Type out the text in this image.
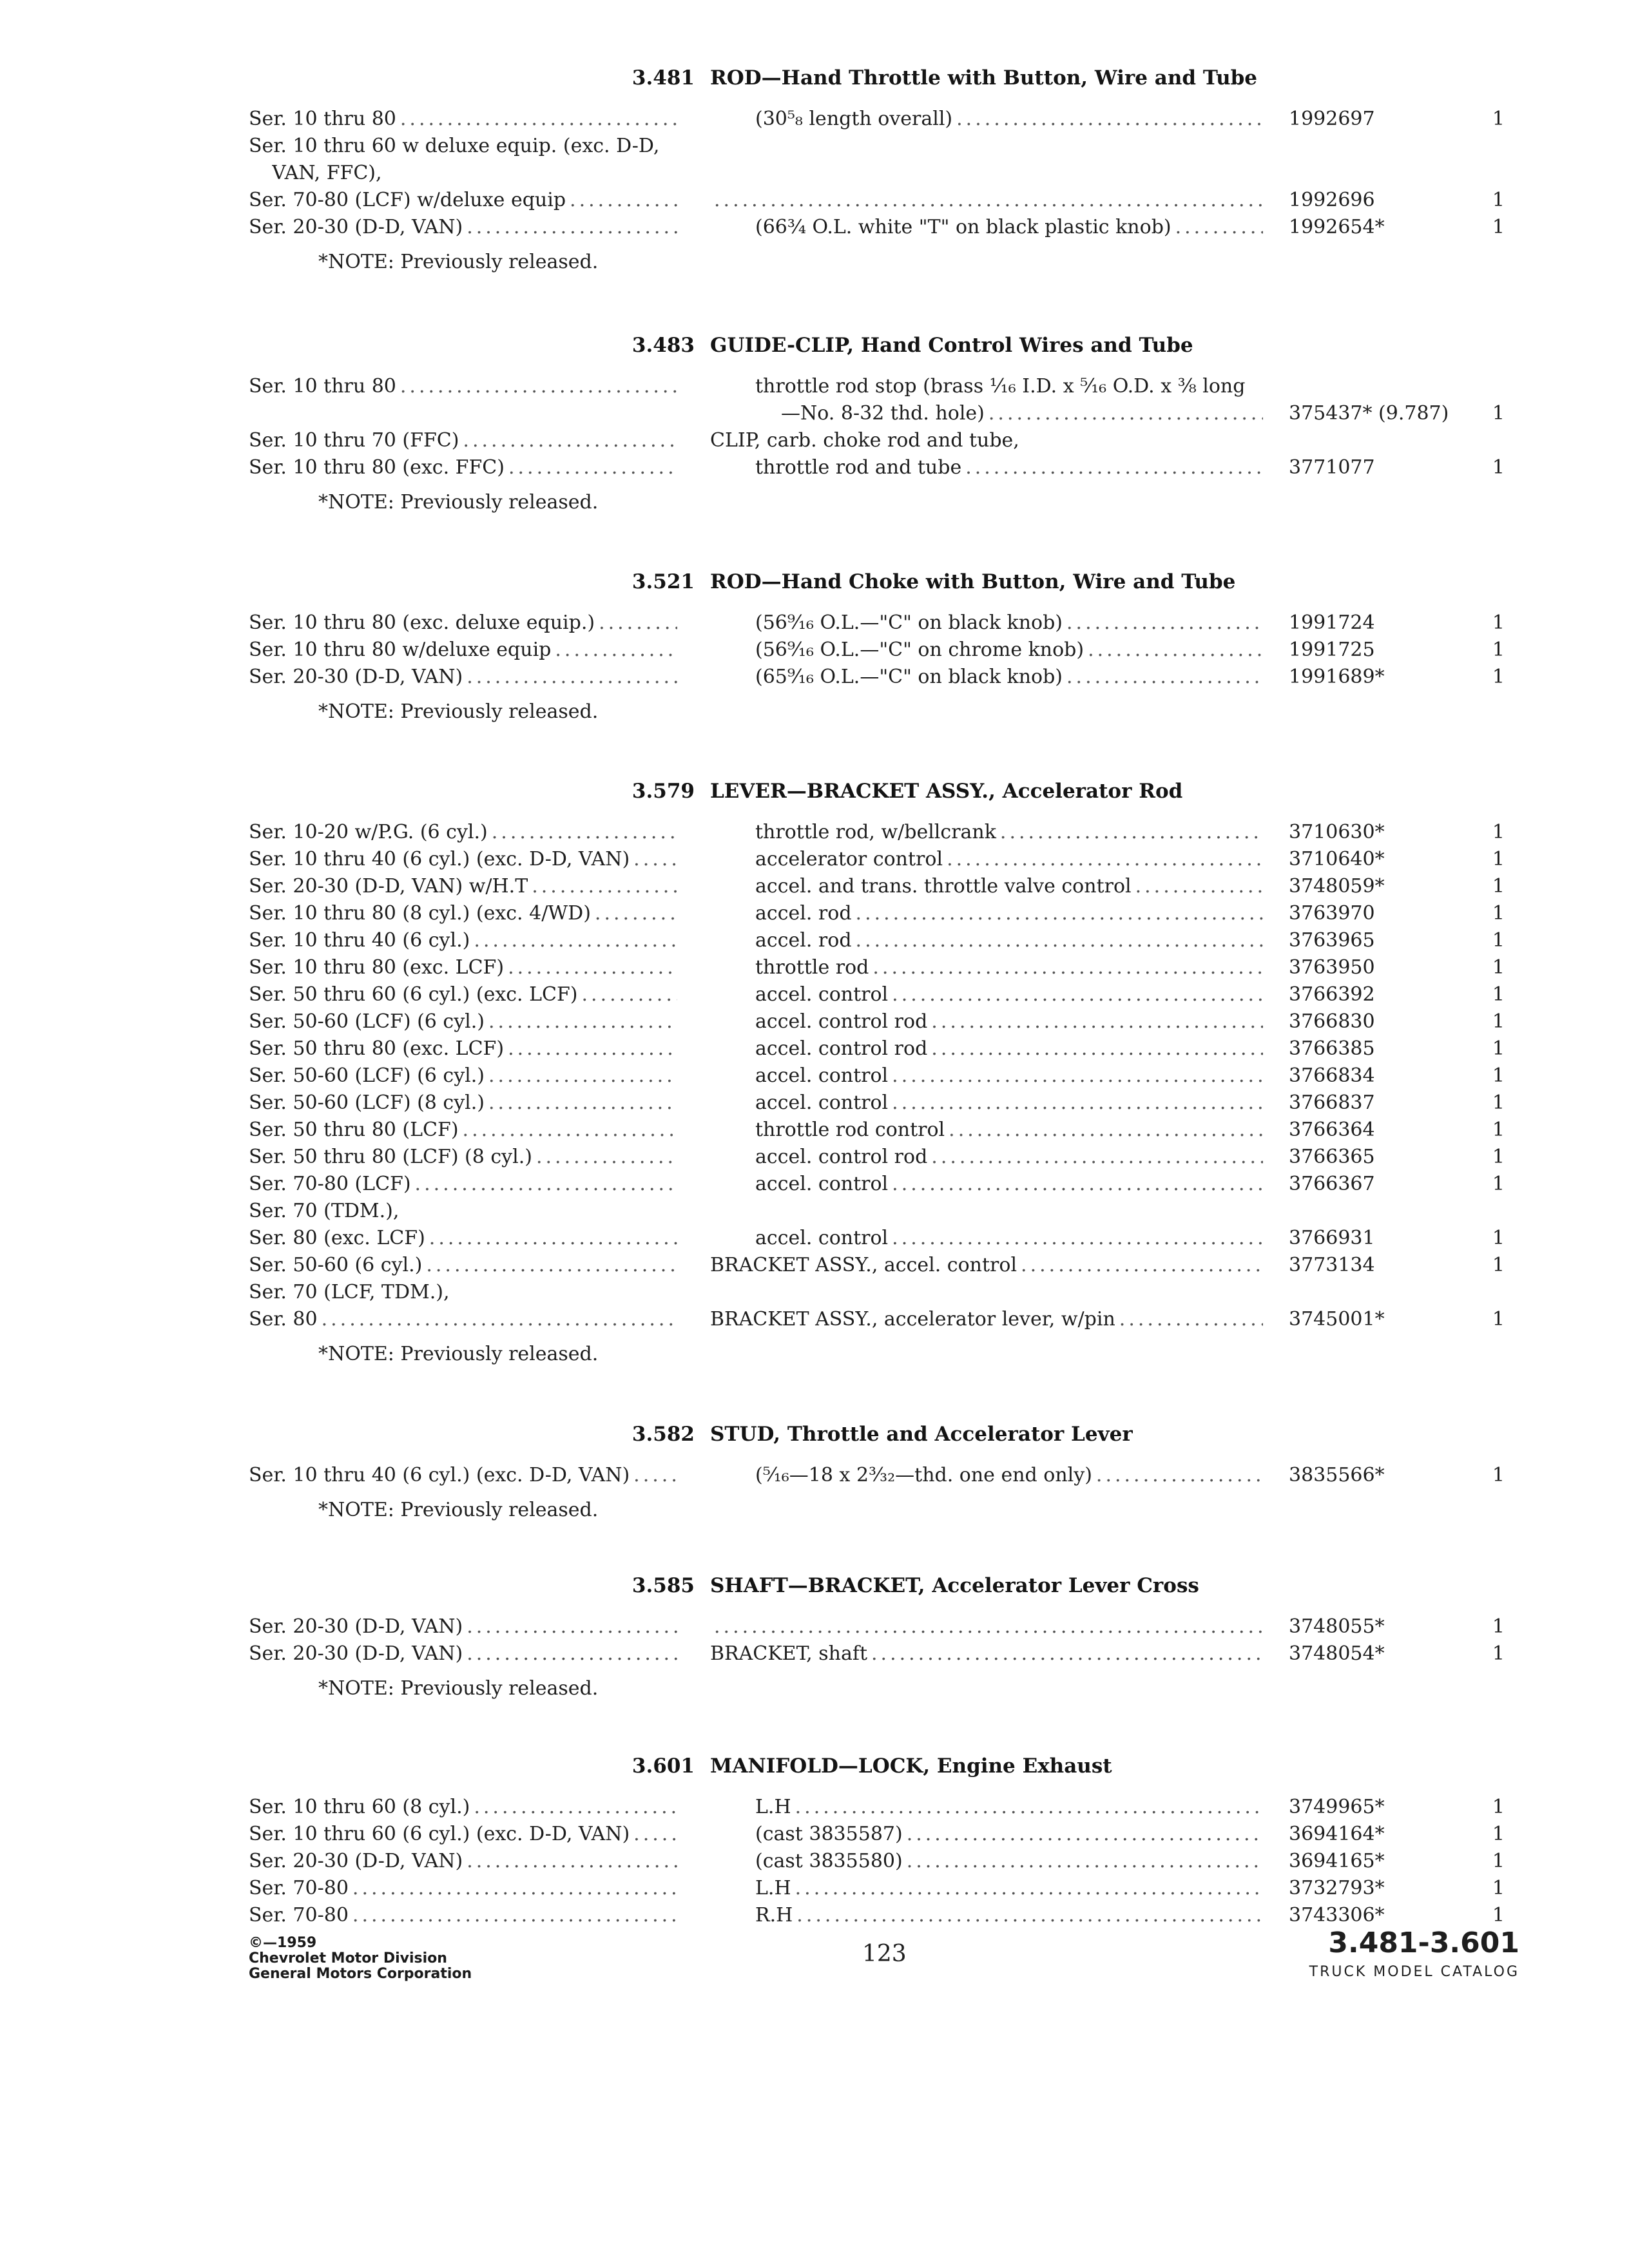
3.481 ROD—Hand Throttle with Button, Wire and Tube
Ser. 10 thru 80 .....	(30⁵₈ length overall) .....	1992697	1
Ser. 10 thru 60 w deluxe equip. (exc. D-D,
VAN, FFC),
Ser. 70-80 (LCF) w/deluxe equip ..... .....	1992696	1
Ser. 20-30 (D-D, VAN) .....	(66¾ O.L. white "T" on black plastic knob) .....	1992654*	1
*NOTE: Previously released.
3.483 GUIDE-CLIP, Hand Control Wires and Tube
Ser. 10 thru 80 .....	throttle rod stop (brass ¹⁄₁₆ I.D. x ⁵⁄₁₆ O.D. x ³⁄₈ long
—No. 8-32 thd. hole) .....	375437* (9.787)	1
Ser. 10 thru 70 (FFC) .....	CLIP, carb. choke rod and tube,
Ser. 10 thru 80 (exc. FFC) .....	throttle rod and tube .....	3771077	1
*NOTE: Previously released.
3.521 ROD—Hand Choke with Button, Wire and Tube
Ser. 10 thru 80 (exc. deluxe equip.) .....	(56⁹⁄₁₆ O.L.—"C" on black knob) .....	1991724	1
Ser. 10 thru 80 w/deluxe equip .....	(56⁹⁄₁₆ O.L.—"C" on chrome knob) .....	1991725	1
Ser. 20-30 (D-D, VAN) .....	(65⁹⁄₁₆ O.L.—"C" on black knob) .....	1991689*	1
*NOTE: Previously released.
3.579 LEVER—BRACKET ASSY., Accelerator Rod
Ser. 10-20 w/P.G. (6 cyl.) .....	throttle rod, w/bellcrank .....	3710630*	1
Ser. 10 thru 40 (6 cyl.) (exc. D-D, VAN) .....	accelerator control .....	3710640*	1
Ser. 20-30 (D-D, VAN) w/H.T .....	accel. and trans. throttle valve control .....	3748059*	1
Ser. 10 thru 80 (8 cyl.) (exc. 4/WD) .....	accel. rod .....	3763970	1
Ser. 10 thru 40 (6 cyl.) .....	accel. rod .....	3763965	1
Ser. 10 thru 80 (exc. LCF) .....	throttle rod .....	3763950	1
Ser. 50 thru 60 (6 cyl.) (exc. LCF) .....	accel. control .....	3766392	1
Ser. 50-60 (LCF) (6 cyl.) .....	accel. control rod .....	3766830	1
Ser. 50 thru 80 (exc. LCF) .....	accel. control rod .....	3766385	1
Ser. 50-60 (LCF) (6 cyl.) .....	accel. control .....	3766834	1
Ser. 50-60 (LCF) (8 cyl.) .....	accel. control .....	3766837	1
Ser. 50 thru 80 (LCF) .....	throttle rod control .....	3766364	1
Ser. 50 thru 80 (LCF) (8 cyl.) .....	accel. control rod .....	3766365	1
Ser. 70-80 (LCF) .....	accel. control .....	3766367	1
Ser. 70 (TDM.),
Ser. 80 (exc. LCF) .....	accel. control .....	3766931	1
Ser. 50-60 (6 cyl.) .....	BRACKET ASSY., accel. control .....	3773134	1
Ser. 70 (LCF, TDM.),
Ser. 80 .....	BRACKET ASSY., accelerator lever, w/pin .....	3745001*	1
*NOTE: Previously released.
3.582 STUD, Throttle and Accelerator Lever
Ser. 10 thru 40 (6 cyl.) (exc. D-D, VAN) .....	(⁵⁄₁₆—18 x 2³⁄₃₂—thd. one end only) .....	3835566*	1
*NOTE: Previously released.
3.585 SHAFT—BRACKET, Accelerator Lever Cross
Ser. 20-30 (D-D, VAN) ..... .....	3748055*	1
Ser. 20-30 (D-D, VAN) .....	BRACKET, shaft .....	3748054*	1
*NOTE: Previously released.
3.601 MANIFOLD—LOCK, Engine Exhaust
Ser. 10 thru 60 (8 cyl.) .....	L.H .....	3749965*	1
Ser. 10 thru 60 (6 cyl.) (exc. D-D, VAN) .....	(cast 3835587) .....	3694164*	1
Ser. 20-30 (D-D, VAN) .....	(cast 3835580) .....	3694165*	1
Ser. 70-80 .....	L.H .....	3732793*	1
Ser. 70-80 .....	R.H .....	3743306*	1
©—1959
Chevrolet Motor Division
General Motors Corporation
123	3.481-3.601
TRUCK MODEL CATALOG
